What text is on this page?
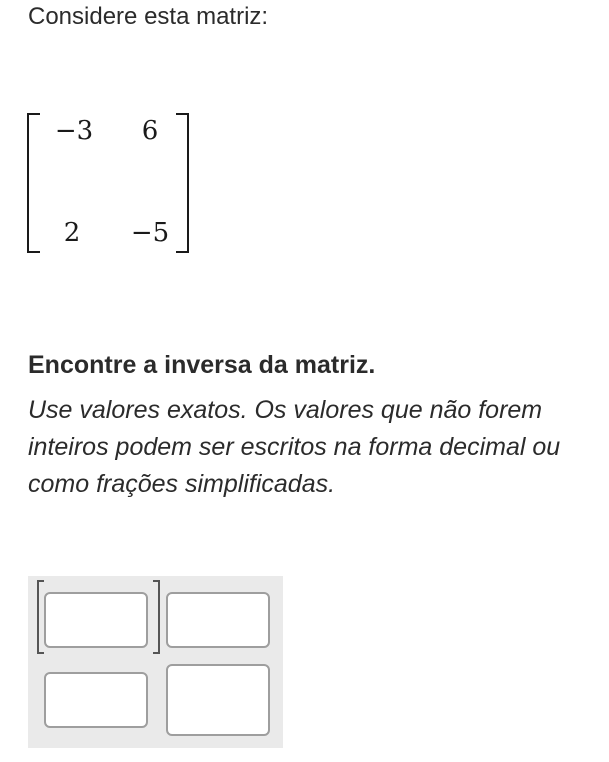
Considere esta matriz:

−3	6
2	−5

Encontre a inversa da matriz.

Use valores exatos. Os valores que não forem inteiros podem ser escritos na forma decimal ou como frações simplificadas.
